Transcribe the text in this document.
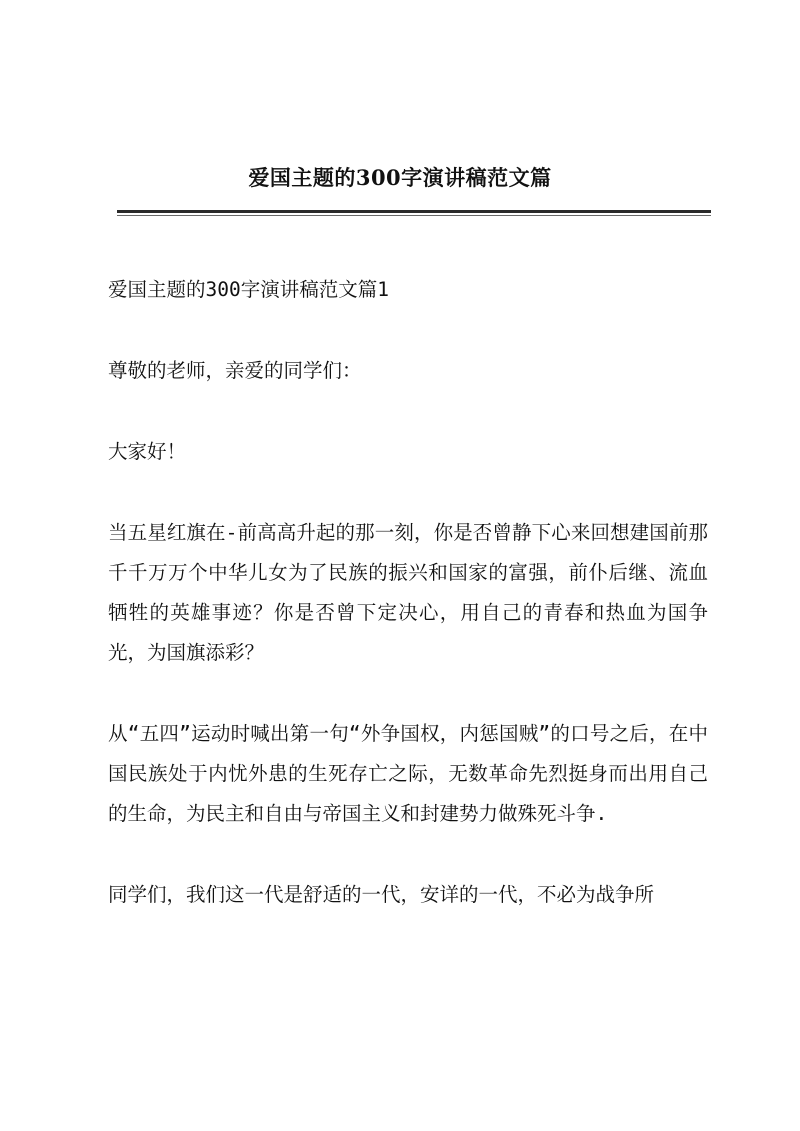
爱国主题的300字演讲稿范文篇

爱国主题的300字演讲稿范文篇1

尊敬的老师，亲爱的同学们：

大家好！

当五星红旗在-前高高升起的那一刻，你是否曾静下心来回想建国前那千千万万个中华儿女为了民族的振兴和国家的富强，前仆后继、流血牺牲的英雄事迹？你是否曾下定决心，用自己的青春和热血为国争光，为国旗添彩？

从“五四”运动时喊出第一句“外争国权，内惩国贼”的口号之后，在中国民族处于内忧外患的生死存亡之际，无数革命先烈挺身而出用自己的生命，为民主和自由与帝国主义和封建势力做殊死斗争.

同学们，我们这一代是舒适的一代，安详的一代，不必为战争所
